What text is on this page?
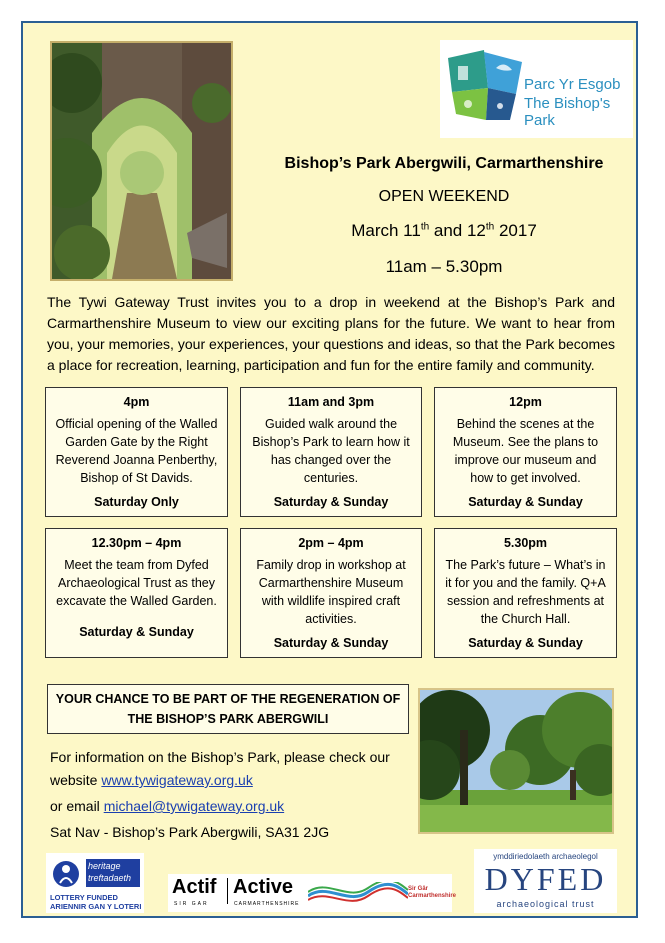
Parc Yr Esgob
The Bishop's Park
Bishop’s Park Abergwili, Carmarthenshire
OPEN WEEKEND
March 11th and 12th 2017
11am – 5.30pm
The Tywi Gateway Trust invites you to a drop in weekend at the Bishop’s Park and Carmarthenshire Museum to view our exciting plans for the future. We want to hear from you, your memories, your experiences, your questions and ideas, so that the Park becomes a place for recreation, learning, participation and fun for the entire family and community.
4pm
Official opening of the Walled Garden Gate by the Right Reverend Joanna Penberthy, Bishop of St Davids.
Saturday Only
11am and 3pm
Guided walk around the Bishop’s Park to learn how it has changed over the centuries.
Saturday & Sunday
12pm
Behind the scenes at the Museum. See the plans to improve our museum and how to get involved.
Saturday & Sunday
12.30pm – 4pm
Meet the team from Dyfed Archaeological Trust as they excavate the Walled Garden.
Saturday & Sunday
2pm – 4pm
Family drop in workshop at Carmarthenshire Museum with wildlife inspired craft activities.
Saturday & Sunday
5.30pm
The Park’s future – What’s in it for you and the family. Q+A session and refreshments at the Church Hall.
Saturday & Sunday
YOUR CHANCE TO BE PART OF THE REGENERATION OF
THE BISHOP’S PARK ABERGWILI
For information on the Bishop’s Park, please check our
website www.tywigateway.org.uk
or email michael@tywigateway.org.uk
Sat Nav - Bishop’s Park Abergwili, SA31 2JG
heritage
treftadaeth
LOTTERY FUNDED
ARIENNIR GAN Y LOTERI
Actif Active
SIR GAR	CARMARTHENSHIRE
Sir Gâr Carmarthenshire
ymddiriedolaeth archaeolegol
DYFED
archaeological trust
